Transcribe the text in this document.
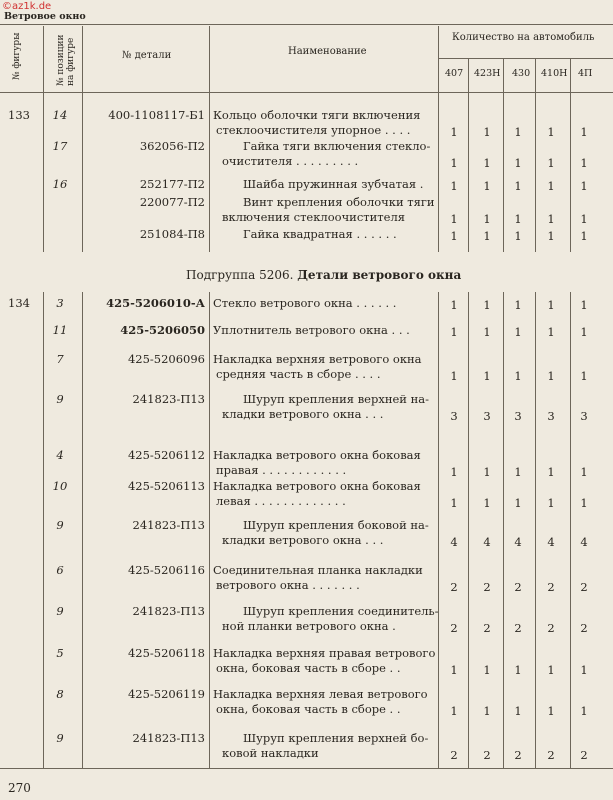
©az1k.de
Ветровое окно
№ фигуры	№ позиции на фигуре	№ детали	Наименование
Количество на автомобиль
407 423Н 430 410Н 4П
Подгруппа 5206. Детали ветрового окна
133 14	400-1108117-Б1 Кольцо оболочки тяги включения
стеклоочистителя упорное . . . .	1	1	1	1	1
17	362056-П2	Гайка тяги включения стекло-
очистителя . . . . . . . . .	1	1	1	1	1
16	252177-П2	Шайба пружинная зубчатая .	1	1	1	1	1
220077-П2	Винт крепления оболочки тяги
включения стеклоочистителя	1	1	1	1	1
251084-П8	Гайка квадратная . . . . . .	1	1	1	1	1
134	3	425-5206010-А Стекло ветрового окна . . . . . .	1	1	1	1	1
11	425-5206050 Уплотнитель ветрового окна . . .	1	1	1	1	1
7	425-5206096 Накладка верхняя ветрового окна
средняя часть в сборе . . . .	1	1	1	1	1
9	241823-П13	Шуруп крепления верхней на-
кладки ветрового окна . . .	3	3	3	3	3
4	425-5206112 Накладка ветрового окна боковая
правая . . . . . . . . . . . .	1	1	1	1	1
10	425-5206113 Накладка ветрового окна боковая
левая . . . . . . . . . . . . .	1	1	1	1	1
9	241823-П13	Шуруп крепления боковой на-
кладки ветрового окна . . .	4	4	4	4	4
6	425-5206116 Соединительная планка накладки
ветрового окна . . . . . . .	2	2	2	2	2
9	241823-П13	Шуруп крепления соединитель-
ной планки ветрового окна .	2	2	2	2	2
5	425-5206118 Накладка верхняя правая ветрового
окна, боковая часть в сборе . .	1	1	1	1	1
8	425-5206119 Накладка верхняя левая ветрового
окна, боковая часть в сборе . .	1	1	1	1	1
9	241823-П13	Шуруп крепления верхней бо-
ковой накладки	2	2	2	2	2
270
